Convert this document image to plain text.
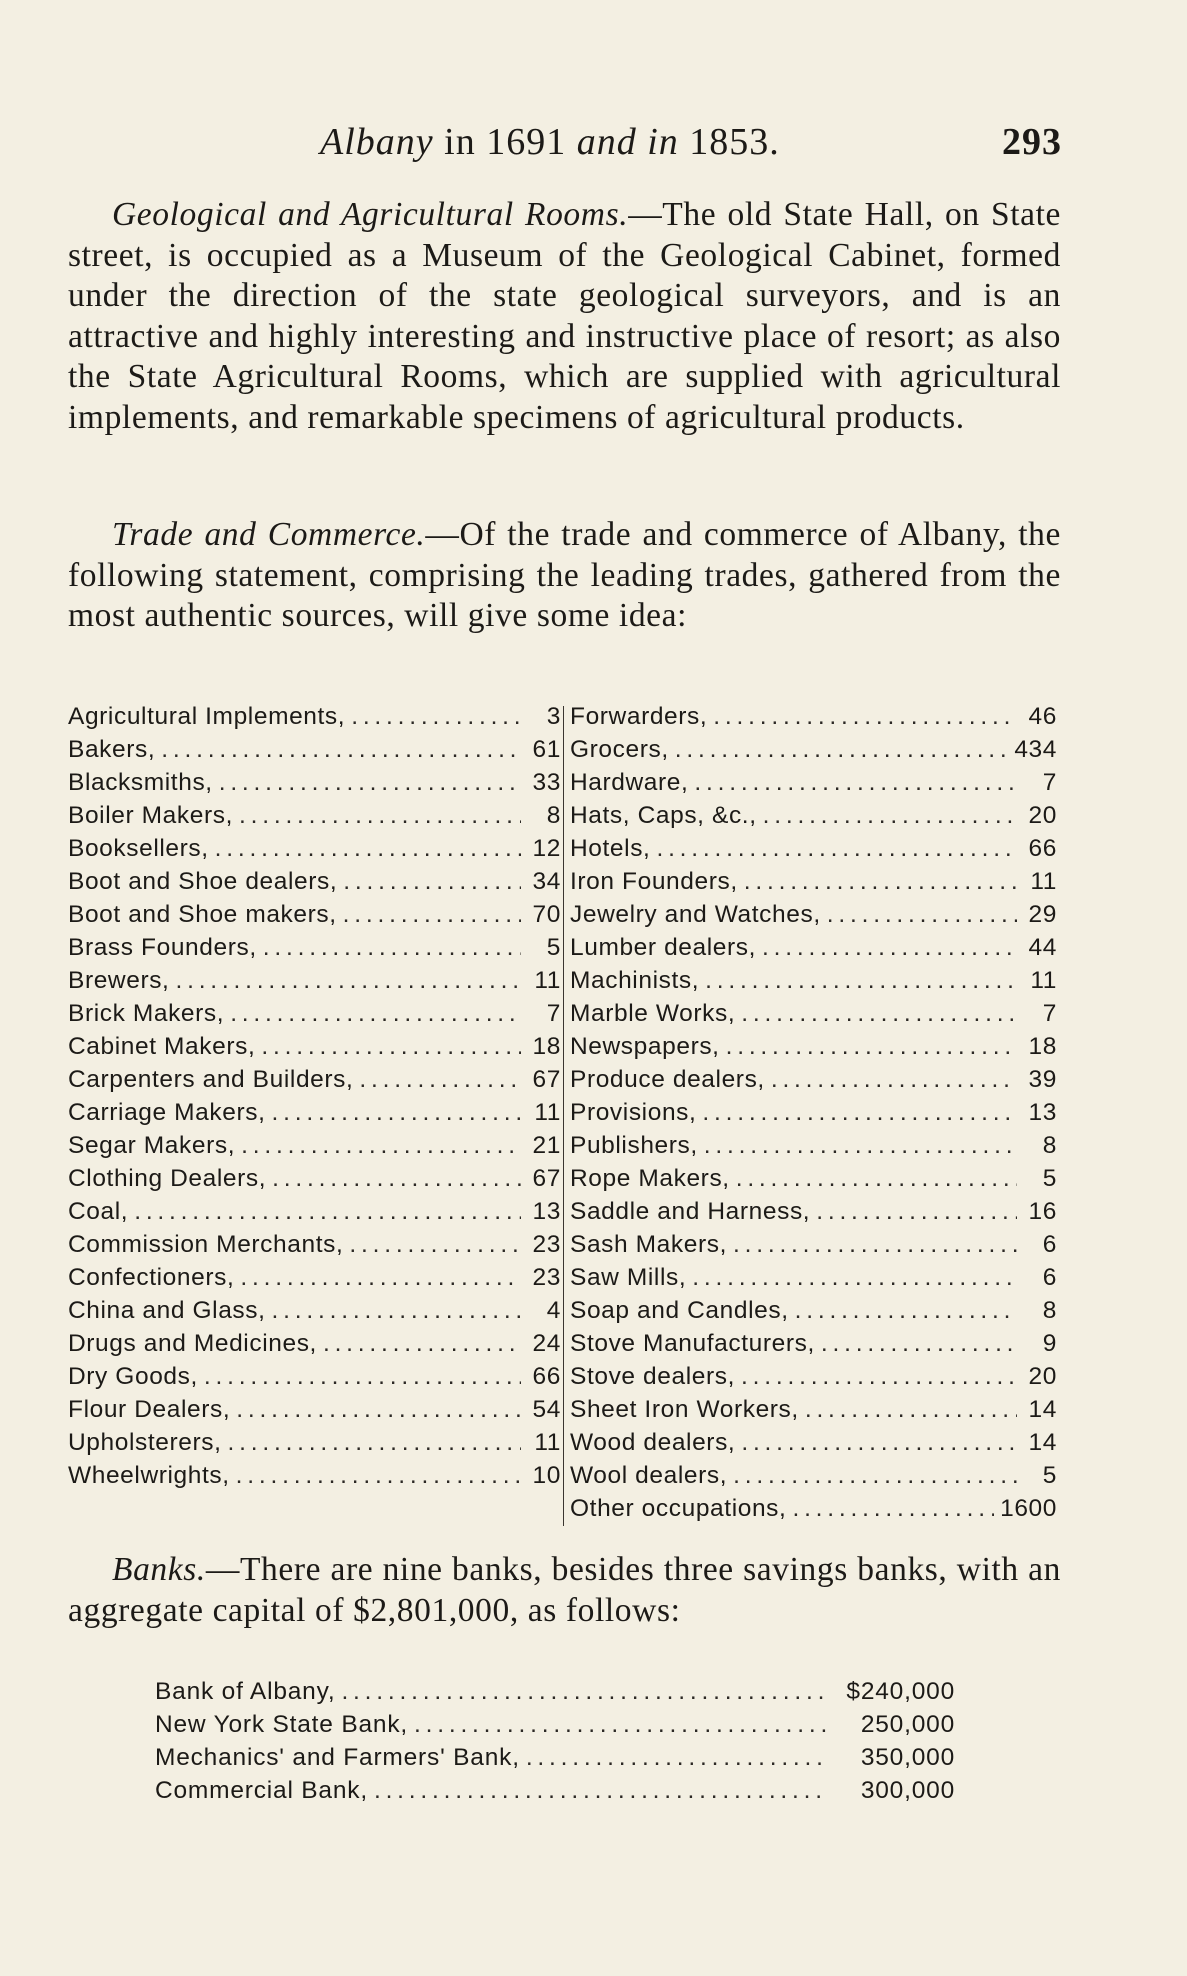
Albany in 1691 and in 1853.	293
Geological and Agricultural Rooms.—The old State Hall, on State street, is occupied as a Museum of the Geological Cabinet, formed under the direction of the state geological surveyors, and is an attractive and highly interesting and instructive place of resort; as also the State Agricultural Rooms, which are supplied with agricultural implements, and remarkable specimens of agricultural products.
Trade and Commerce.—Of the trade and commerce of Albany, the following statement, comprising the leading trades, gathered from the most authentic sources, will give some idea:
Agricultural Implements, . . .	3
Bakers, . . .	61
Blacksmiths, . . .	33
Boiler Makers, . . .	8
Booksellers, . . .	12
Boot and Shoe dealers, . . .	34
Boot and Shoe makers, . . .	70
Brass Founders, . . .	5
Brewers, . . .	11
Brick Makers, . . .	7
Cabinet Makers, . . .	18
Carpenters and Builders, . . .	67
Carriage Makers, . . .	11
Segar Makers, . . .	21
Clothing Dealers, . . .	67
Coal, . . .	13
Commission Merchants, . . .	23
Confectioners, . . .	23
China and Glass, . . .	4
Drugs and Medicines, . . .	24
Dry Goods, . . .	66
Flour Dealers, . . .	54
Upholsterers, . . .	11
Wheelwrights, . . .	10
Forwarders, . . .	46
Grocers, . . .	434
Hardware, . . .	7
Hats, Caps, &c., . . .	20
Hotels, . . .	66
Iron Founders, . . .	11
Jewelry and Watches, . . .	29
Lumber dealers, . . .	44
Machinists, . . .	11
Marble Works, . . .	7
Newspapers, . . .	18
Produce dealers, . . .	39
Provisions, . . .	13
Publishers, . . .	8
Rope Makers, . . .	5
Saddle and Harness, . . .	16
Sash Makers, . . .	6
Saw Mills, . . .	6
Soap and Candles, . . .	8
Stove Manufacturers, . . .	9
Stove dealers, . . .	20
Sheet Iron Workers, . . .	14
Wood dealers, . . .	14
Wool dealers, . . .	5
Other occupations, . . .	1600
Banks.—There are nine banks, besides three savings banks, with an aggregate capital of $2,801,000, as follows:
Bank of Albany, . . .	$240,000
New York State Bank, . . .	250,000
Mechanics' and Farmers' Bank, . . .	350,000
Commercial Bank, . . .	300,000
